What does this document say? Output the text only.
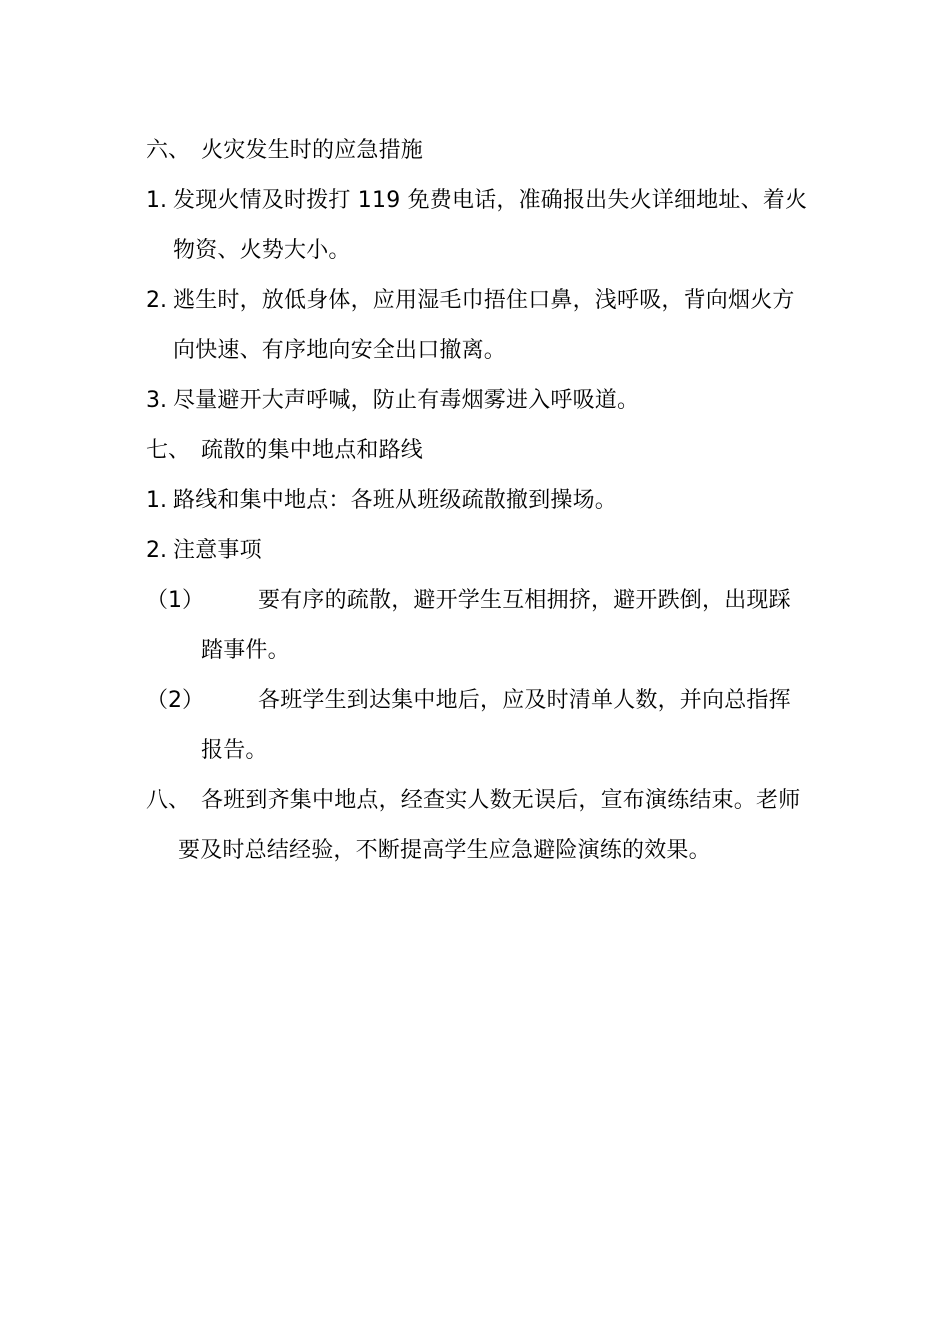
六、 火灾发生时的应急措施
1. 发现火情及时拨打 119 免费电话，准确报出失火详细地址、着火
物资、火势大小。
2. 逃生时，放低身体，应用湿毛巾捂住口鼻，浅呼吸，背向烟火方
向快速、有序地向安全出口撤离。
3. 尽量避开大声呼喊，防止有毒烟雾进入呼吸道。
七、 疏散的集中地点和路线
1. 路线和集中地点：各班从班级疏散撤到操场。
2. 注意事项
（1） 要有序的疏散，避开学生互相拥挤，避开跌倒，出现踩
踏事件。
（2） 各班学生到达集中地后，应及时清单人数，并向总指挥
报告。
八、 各班到齐集中地点，经查实人数无误后，宣布演练结束。老师
要及时总结经验，不断提高学生应急避险演练的效果。
